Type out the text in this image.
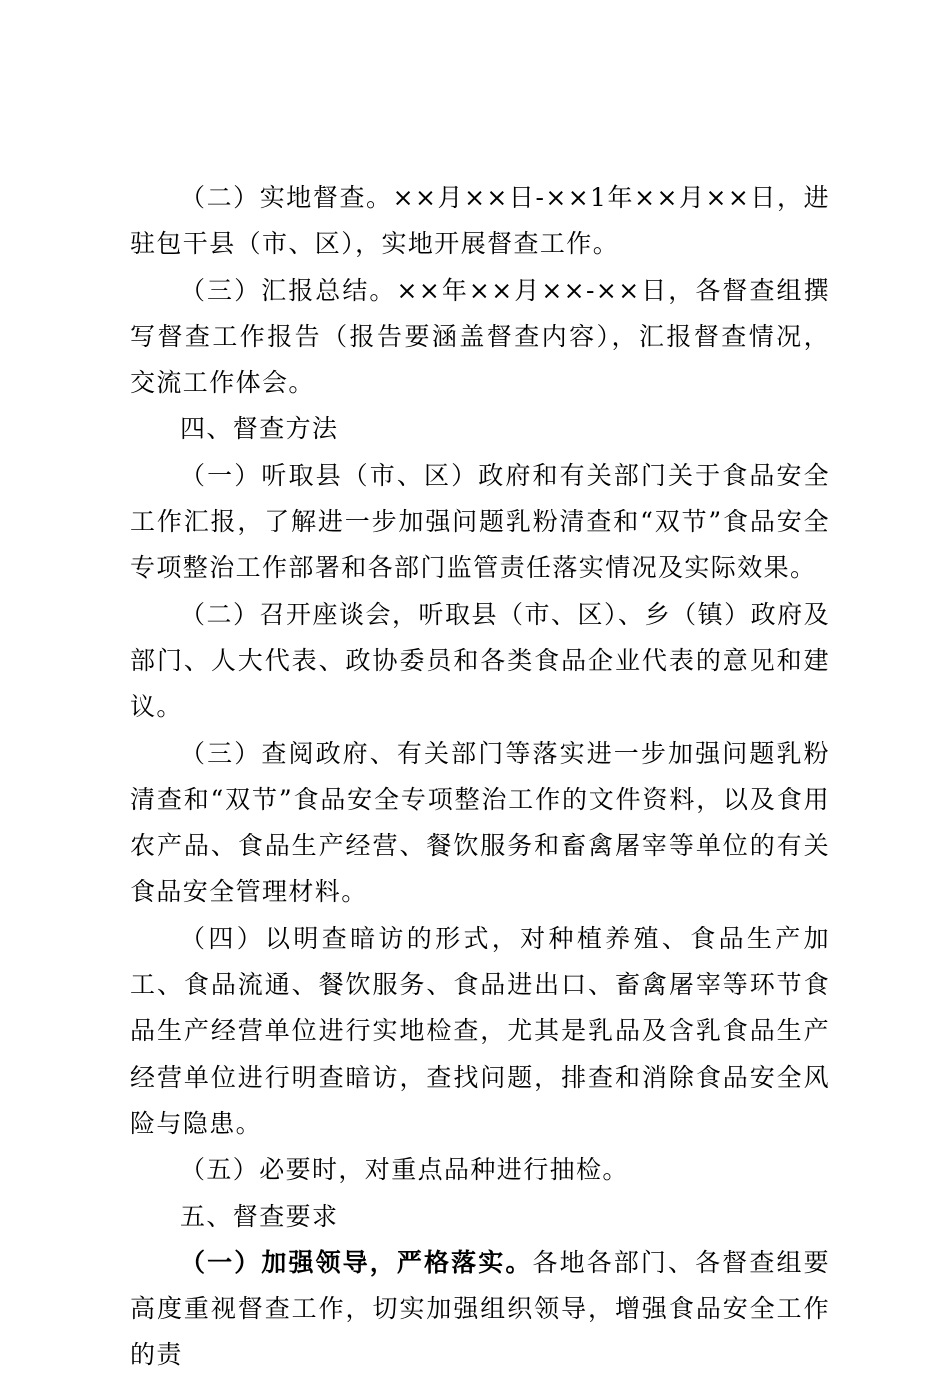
（二）实地督查。××月××日-××1年××月××日，进驻包干县（市、区），实地开展督查工作。

（三）汇报总结。××年××月××-××日，各督查组撰写督查工作报告（报告要涵盖督查内容），汇报督查情况，交流工作体会。

四、督查方法

（一）听取县（市、区）政府和有关部门关于食品安全工作汇报，了解进一步加强问题乳粉清查和“双节”食品安全专项整治工作部署和各部门监管责任落实情况及实际效果。

（二）召开座谈会，听取县（市、区）、乡（镇）政府及部门、人大代表、政协委员和各类食品企业代表的意见和建议。

（三）查阅政府、有关部门等落实进一步加强问题乳粉清查和“双节”食品安全专项整治工作的文件资料，以及食用农产品、食品生产经营、餐饮服务和畜禽屠宰等单位的有关食品安全管理材料。

（四）以明查暗访的形式，对种植养殖、食品生产加工、食品流通、餐饮服务、食品进出口、畜禽屠宰等环节食品生产经营单位进行实地检查，尤其是乳品及含乳食品生产经营单位进行明查暗访，查找问题，排查和消除食品安全风险与隐患。

（五）必要时，对重点品种进行抽检。

五、督查要求

（一）加强领导，严格落实。各地各部门、各督查组要高度重视督查工作，切实加强组织领导，增强食品安全工作的责
